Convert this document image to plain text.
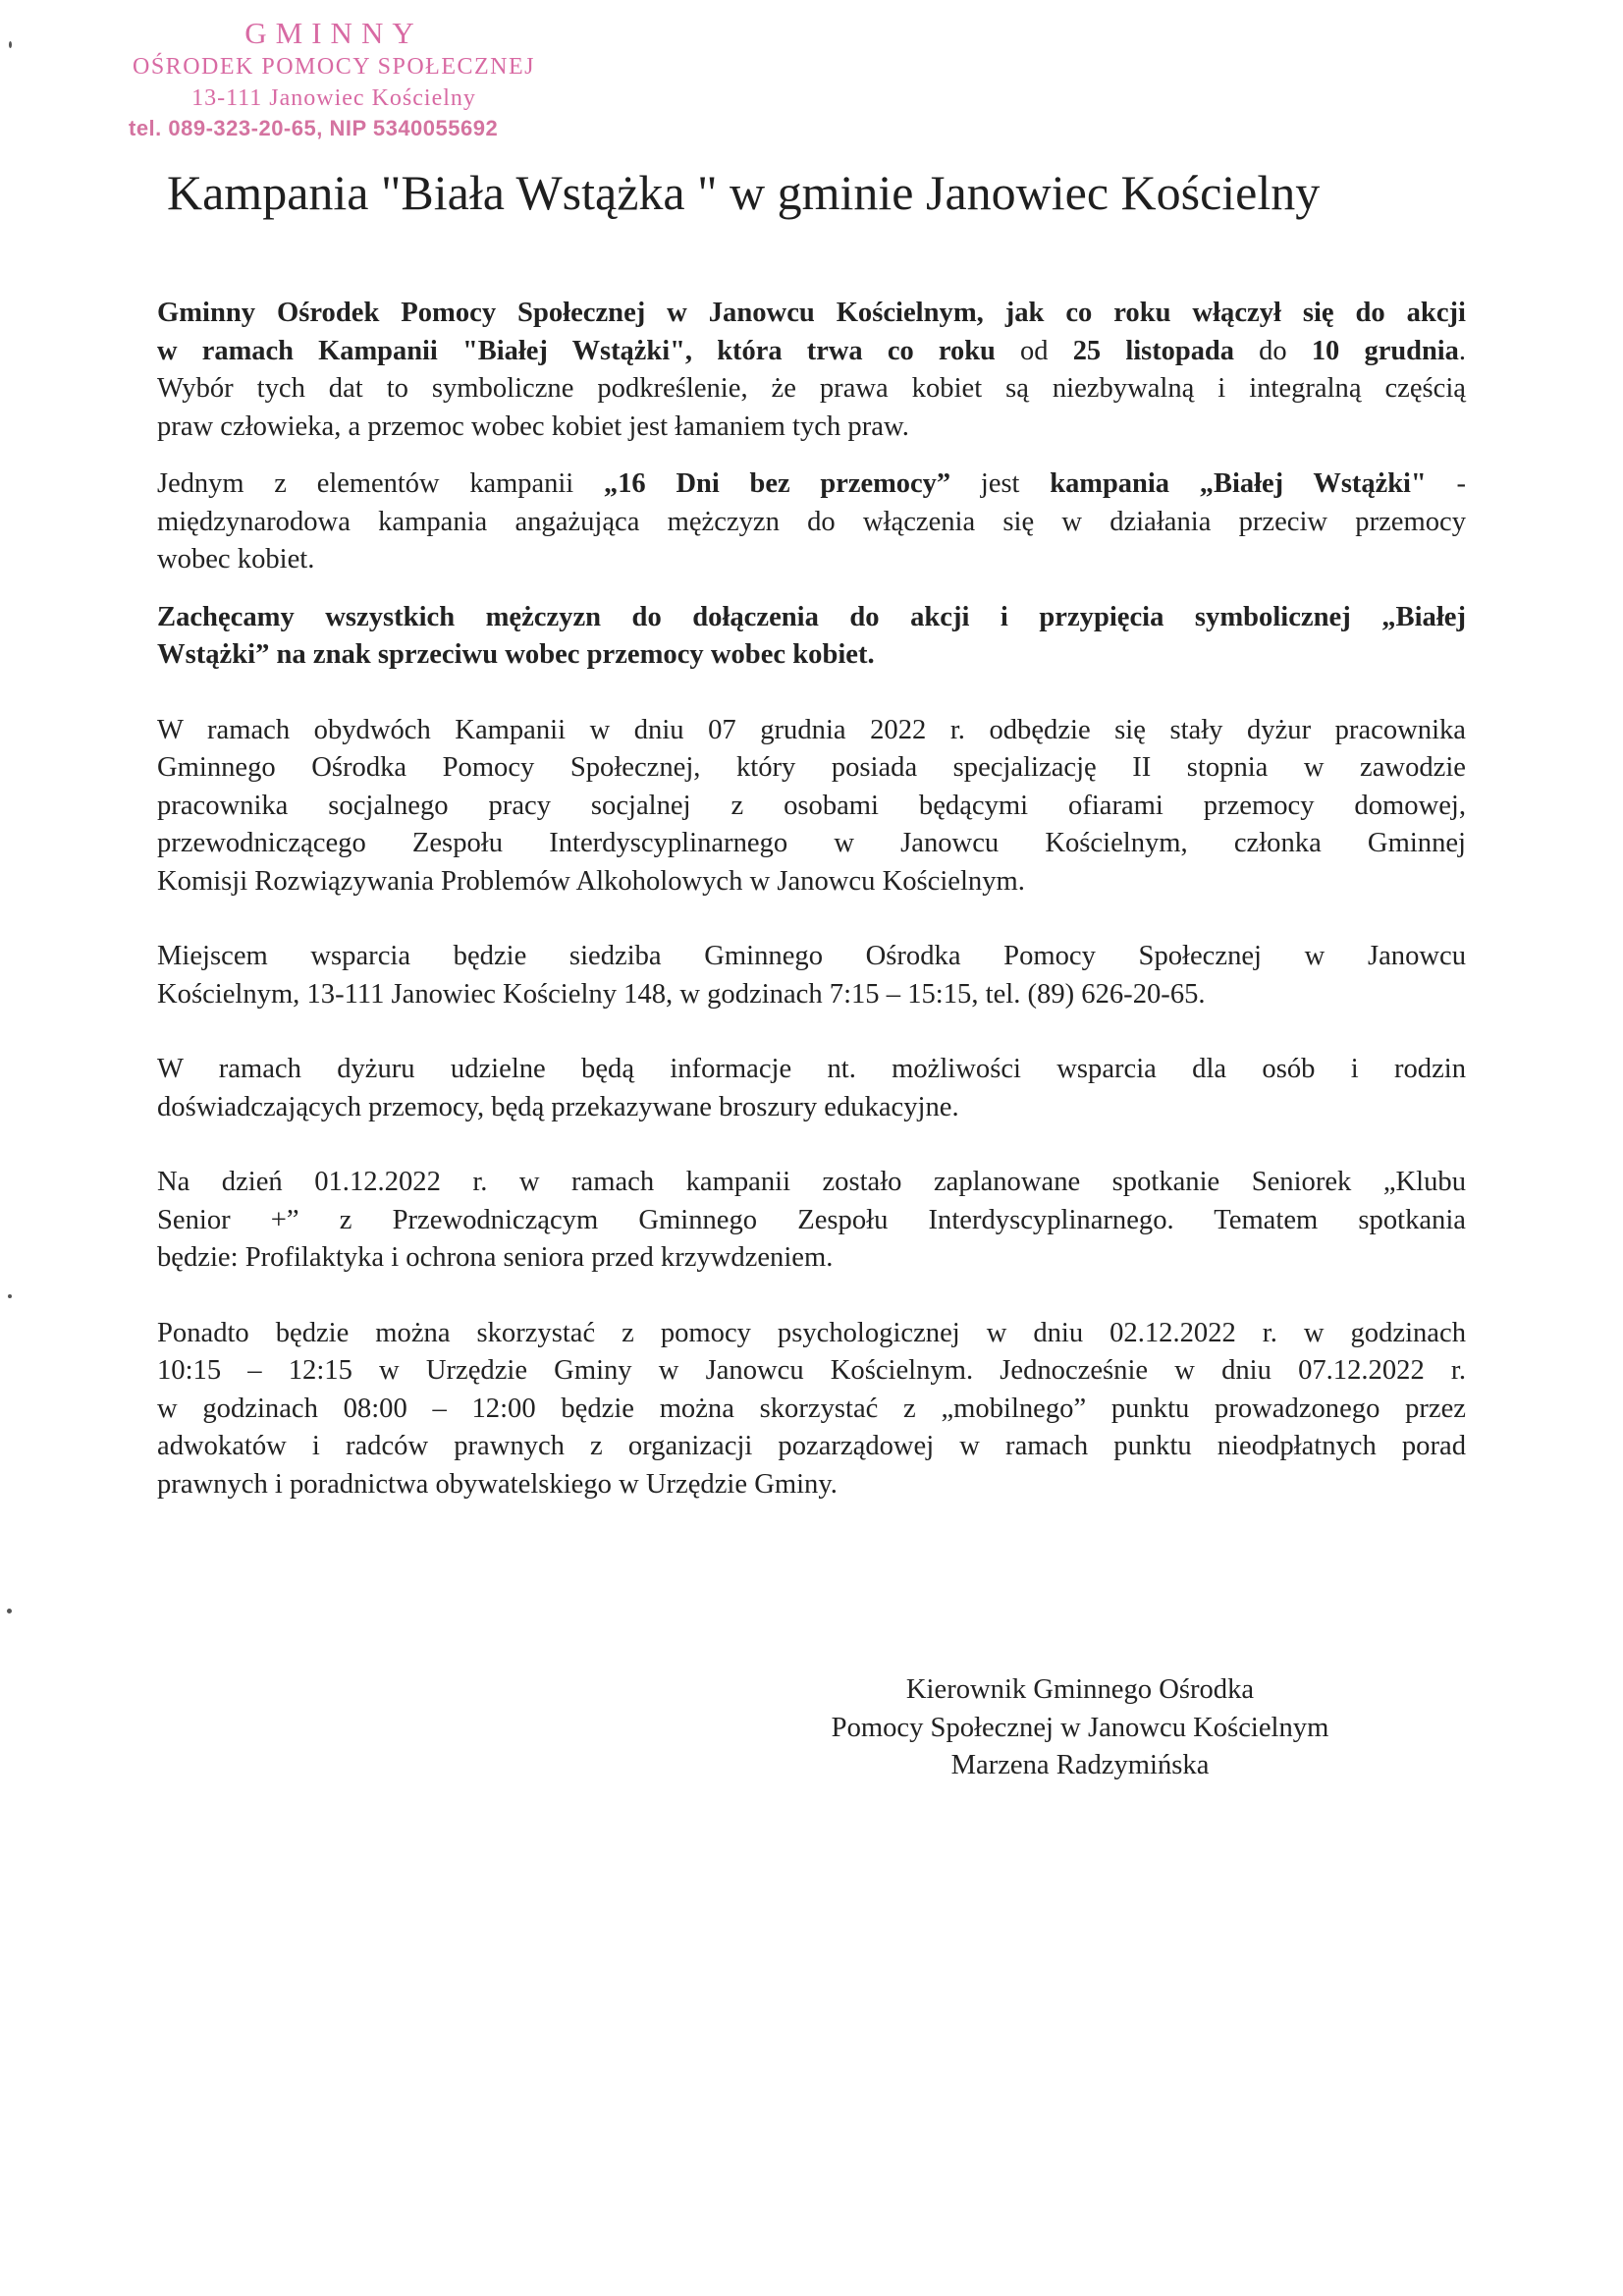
GMINNY
OŚRODEK POMOCY SPOŁECZNEJ
13-111 Janowiec Kościelny
tel. 089-323-20-65, NIP 5340055692
Kampania "Biała Wstążka " w gminie Janowiec Kościelny

Gminny Ośrodek Pomocy Społecznej w Janowcu Kościelnym, jak co roku włączył się do akcji
w ramach Kampanii "Białej Wstążki", która trwa co roku od 25 listopada do 10 grudnia.
Wybór tych dat to symboliczne podkreślenie, że prawa kobiet są niezbywalną i integralną częścią
praw człowieka, a przemoc wobec kobiet jest łamaniem tych praw.

Jednym z elementów kampanii „16 Dni bez przemocy” jest kampania „Białej Wstążki" -
międzynarodowa kampania angażująca mężczyzn do włączenia się w działania przeciw przemocy
wobec kobiet.

Zachęcamy wszystkich mężczyzn do dołączenia do akcji i przypięcia symbolicznej „Białej
Wstążki” na znak sprzeciwu wobec przemocy wobec kobiet.

W ramach obydwóch Kampanii w dniu 07 grudnia 2022 r. odbędzie się stały dyżur pracownika
Gminnego Ośrodka Pomocy Społecznej, który posiada specjalizację II stopnia w zawodzie
pracownika socjalnego pracy socjalnej z osobami będącymi ofiarami przemocy domowej,
przewodniczącego Zespołu Interdyscyplinarnego w Janowcu Kościelnym, członka Gminnej
Komisji Rozwiązywania Problemów Alkoholowych w Janowcu Kościelnym.

Miejscem wsparcia będzie siedziba Gminnego Ośrodka Pomocy Społecznej w Janowcu
Kościelnym, 13-111 Janowiec Kościelny 148, w godzinach 7:15 – 15:15, tel. (89) 626-20-65.

W ramach dyżuru udzielne będą informacje nt. możliwości wsparcia dla osób i rodzin
doświadczających przemocy, będą przekazywane broszury edukacyjne.

Na dzień 01.12.2022 r. w ramach kampanii zostało zaplanowane spotkanie Seniorek „Klubu
Senior +” z Przewodniczącym Gminnego Zespołu Interdyscyplinarnego. Tematem spotkania
będzie: Profilaktyka i ochrona seniora przed krzywdzeniem.

Ponadto będzie można skorzystać z pomocy psychologicznej w dniu 02.12.2022 r. w godzinach
10:15 – 12:15 w Urzędzie Gminy w Janowcu Kościelnym. Jednocześnie w dniu 07.12.2022 r.
w godzinach 08:00 – 12:00 będzie można skorzystać z „mobilnego” punktu prowadzonego przez
adwokatów i radców prawnych z organizacji pozarządowej w ramach punktu nieodpłatnych porad
prawnych i poradnictwa obywatelskiego w Urzędzie Gminy.

Kierownik Gminnego Ośrodka
Pomocy Społecznej w Janowcu Kościelnym
Marzena Radzymińska
